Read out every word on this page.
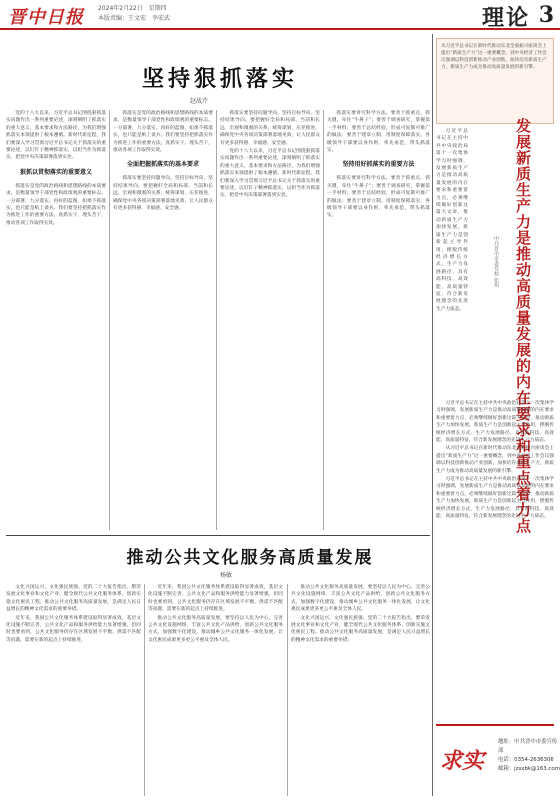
晋中日报	2024年2月22日 星期四
本版责编：王文宏 李宏武	理论 3
坚持狠抓落实
赵战芹

党的十八大以来，习近平总书记围绕狠抓落实问题作出一系列重要论述，深刻阐明了抓落实的重大意义、基本要求和方法路径，为我们增强抓落实本领提供了根本遵循。新时代新征程，我们要深入学习贯彻习近平总书记关于抓落实的重要论述，以钉钉子精神抓落实，以担当作为抓落实，把党中央决策部署落到实处。

狠抓以贯彻落实的重要意义

抓落实是党的政治路线和思想路线的本质要求，是衡量领导干部党性和政绩观的重要标志。一分部署，九分落实。再好的蓝图，如果不抓落实，也只能是纸上谈兵。我们要坚持把抓落实作为推进工作的重要方法，真抓实干、埋头苦干，推动各项工作取得实效。

抓落实是党的政治路线和思想路线的本质要求，是衡量领导干部党性和政绩观的重要标志。一分部署，九分落实。再好的蓝图，如果不抓落实，也只能是纸上谈兵。我们要坚持把抓落实作为推进工作的重要方法，真抓实干、埋头苦干，推动各项工作取得实效。

全面把握抓落实的基本要求

抓落实要坚持问题导向，坚持目标导向，坚持结果导向。要把握好全局和局部、当前和长远、宏观和微观的关系，统筹谋划，压茬推进，确保党中央各项决策部署落地见效，让人民群众有更多获得感、幸福感、安全感。

抓落实要坚持问题导向，坚持目标导向，坚持结果导向。要把握好全局和局部、当前和长远、宏观和微观的关系，统筹谋划，压茬推进，确保党中央各项决策部署落地见效，让人民群众有更多获得感、幸福感、安全感。

党的十八大以来，习近平总书记围绕狠抓落实问题作出一系列重要论述，深刻阐明了抓落实的重大意义、基本要求和方法路径，为我们增强抓落实本领提供了根本遵循。新时代新征程，我们要深入学习贯彻习近平总书记关于抓落实的重要论述，以钉钉子精神抓落实，以担当作为抓落实，把党中央决策部署落到实处。

抓落实要讲究科学方法。要善于抓重点、抓关键，牵住“牛鼻子”；要善于调查研究，掌握第一手材料；要善于总结经验，形成可复制可推广的做法；要善于建章立制，用制度保障落实。各级领导干部要以身作则、率先垂范，带头抓落实。

坚持用好抓落实的重要方法

抓落实要讲究科学方法。要善于抓重点、抓关键，牵住“牛鼻子”；要善于调查研究，掌握第一手材料；要善于总结经验，形成可复制可推广的做法；要善于建章立制，用制度保障落实。各级领导干部要以身作则、率先垂范，带头抓落实。

推动公共文化服务高质量发展
杨敏

文化兴国运兴，文化强民族强。党的二十大报告指出，繁荣发展文化事业和文化产业，健全现代公共文化服务体系，创新实施文化惠民工程。推动公共文化服务高质量发展，是满足人民日益增长的精神文化需求的重要举措。

近年来，我国公共文化服务体系建设取得显著成效，基层文化设施不断完善，公共文化产品和服务供给能力显著增强。但同时也要看到，公共文化服务仍存在区域发展不平衡、供需不匹配等问题，需要在新的起点上持续推进。

近年来，我国公共文化服务体系建设取得显著成效，基层文化设施不断完善，公共文化产品和服务供给能力显著增强。但同时也要看到，公共文化服务仍存在区域发展不平衡、供需不匹配等问题，需要在新的起点上持续推进。

推动公共文化服务高质量发展，要坚持以人民为中心，完善公共文化设施网络，丰富公共文化产品供给，创新公共文化服务方式，加强数字化建设，推动城乡公共文化服务一体化发展，让文化惠民成果更多更公平惠及全体人民。

推动公共文化服务高质量发展，要坚持以人民为中心，完善公共文化设施网络，丰富公共文化产品供给，创新公共文化服务方式，加强数字化建设，推动城乡公共文化服务一体化发展，让文化惠民成果更多更公平惠及全体人民。

文化兴国运兴，文化强民族强。党的二十大报告指出，繁荣发展文化事业和文化产业，健全现代公共文化服务体系，创新实施文化惠民工程。推动公共文化服务高质量发展，是满足人民日益增长的精神文化需求的重要举措。

从习近平总书记在新时代推动东北全面振兴座谈会上提出“新质生产力”这一重要概念，到中央经济工作会议强调以科技创新推动产业创新，加快培育新质生产力，新质生产力成为推动高质量发展的新引擎。
发展新质生产力是推动高质量发展的内在要求和重点着力点
中共晋中市委党校 张玥

习近平总书记在主持中共中央政治局第十一次集体学习时强调，发展新质生产力是推动高质量发展的内在要求和重要着力点，必须继续做好创新这篇大文章，推动新质生产力加快发展。新质生产力是创新起主导作用，摆脱传统经济增长方式、生产力发展路径，具有高科技、高效能、高质量特征，符合新发展理念的先进生产力质态。

习近平总书记在主持中共中央政治局第十一次集体学习时强调，发展新质生产力是推动高质量发展的内在要求和重要着力点，必须继续做好创新这篇大文章，推动新质生产力加快发展。新质生产力是创新起主导作用，摆脱传统经济增长方式、生产力发展路径，具有高科技、高效能、高质量特征，符合新发展理念的先进生产力质态。

从习近平总书记在新时代推动东北全面振兴座谈会上提出“新质生产力”这一重要概念，到中央经济工作会议强调以科技创新推动产业创新，加快培育新质生产力，新质生产力成为推动高质量发展的新引擎。

习近平总书记在主持中共中央政治局第十一次集体学习时强调，发展新质生产力是推动高质量发展的内在要求和重要着力点，必须继续做好创新这篇大文章，推动新质生产力加快发展。新质生产力是创新起主导作用，摆脱传统经济增长方式、生产力发展路径，具有高科技、高效能、高质量特征，符合新发展理念的先进生产力质态。

求实
地址：中共晋中市委宣传部
电话：0354-2636306
邮箱：jzsxbk@163.com
